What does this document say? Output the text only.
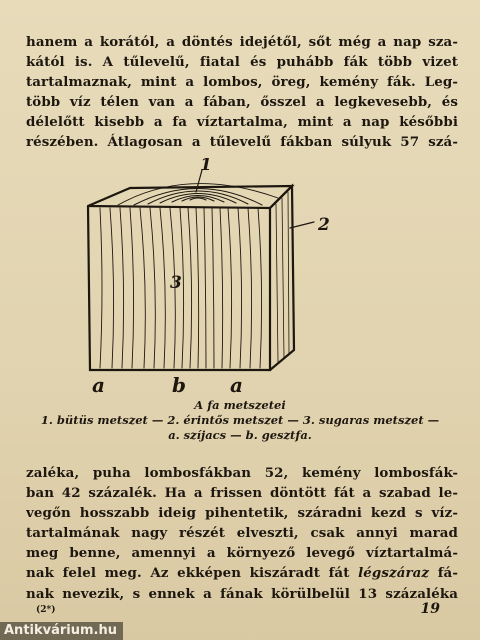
hanem a korától, a döntés idejétől, sőt még a nap sza-
kától is. A tűlevelű, fiatal és puhább fák több vizet
tartalmaznak, mint a lombos, öreg, kemény fák. Leg-
több víz télen van a fában, ősszel a legkevesebb, és
délelőtt kisebb a fa víztartalma, mint a nap későbbi
részében. Átlagosan a tűlevelű fákban súlyuk 57 szá-
1
2
3
a	b a
A fa metszetei
1. bütüs metszet — 2. érintős metszet — 3. sugaras metszet —
a. szíjacs — b. gesztfa.
zaléka, puha lombosfákban 52, kemény lombosfák-
ban 42 százalék. Ha a frissen döntött fát a szabad le-
vegőn hosszabb ideig pihentetik, száradni kezd s víz-
tartalmának nagy részét elveszti, csak annyi marad
meg benne, amennyi a környező levegő víztartalmá-
nak felel meg. Az ekképen kiszáradt fát légszáraz fá-
nak nevezik, s ennek a fának körülbelül 13 százaléka
(2*)	19
Antikvárium.hu
